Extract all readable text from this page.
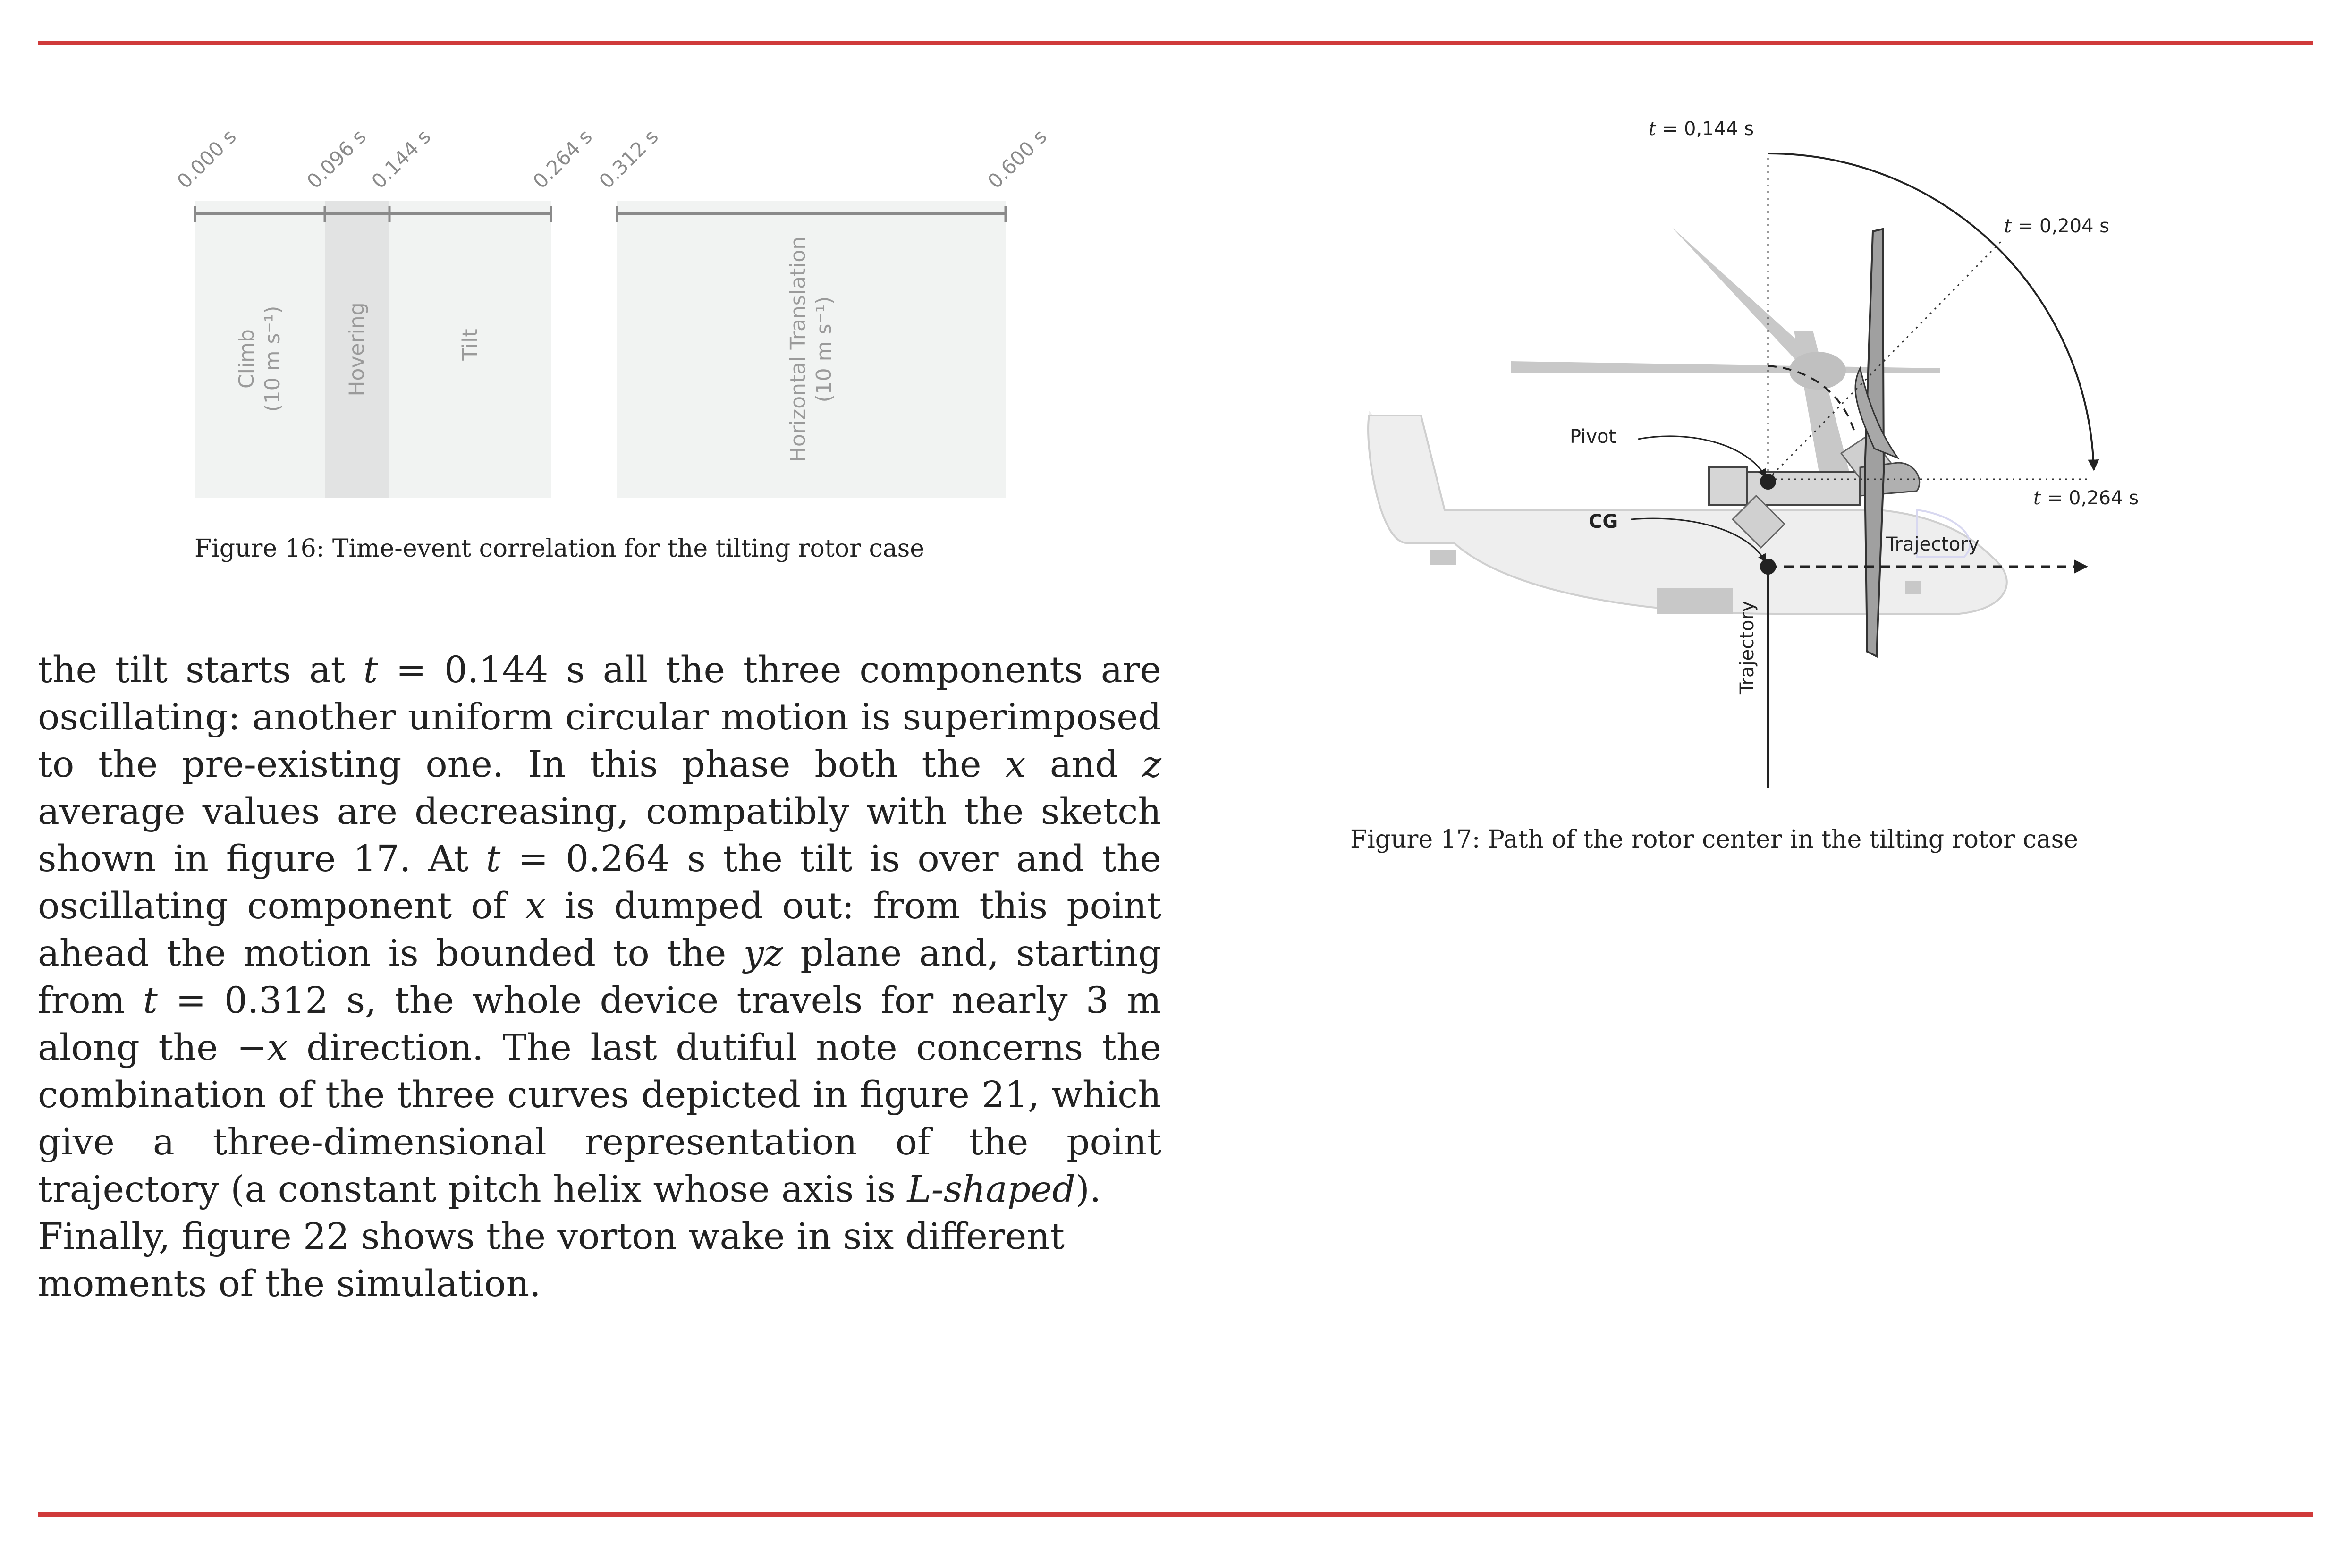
0.000 s	0.096 s
0.144 s	0.264 s
0.312 s	0.600 s
Climb (10 m s⁻¹)	Hovering	Tilt	Horizontal Translation (10 m s⁻¹)
Figure 16: Time-event correlation for the tilting rotor case

the tilt starts at t = 0.144 s all the three components are oscillating: another uniform circular motion is superimposed to the pre-existing one. In this phase both the x and z average values are decreasing, compatibly with the sketch shown in figure 17. At t = 0.264 s the tilt is over and the oscillating component of x is dumped out: from this point ahead the motion is bounded to the yz plane and, starting from t = 0.312 s, the whole device travels for nearly 3 m along the −x direction. The last dutiful note concerns the combination of the three curves depicted in figure 21, which give a three-dimensional representation of the point trajectory (a constant pitch helix whose axis is L-shaped).

Finally, figure 22 shows the vorton wake in six different moments of the simulation.

t = 0,144 s
t = 0,204 s
t = 0,264 s
Pivot
CG
Trajectory
Trajectory
Figure 17: Path of the rotor center in the tilting rotor case
